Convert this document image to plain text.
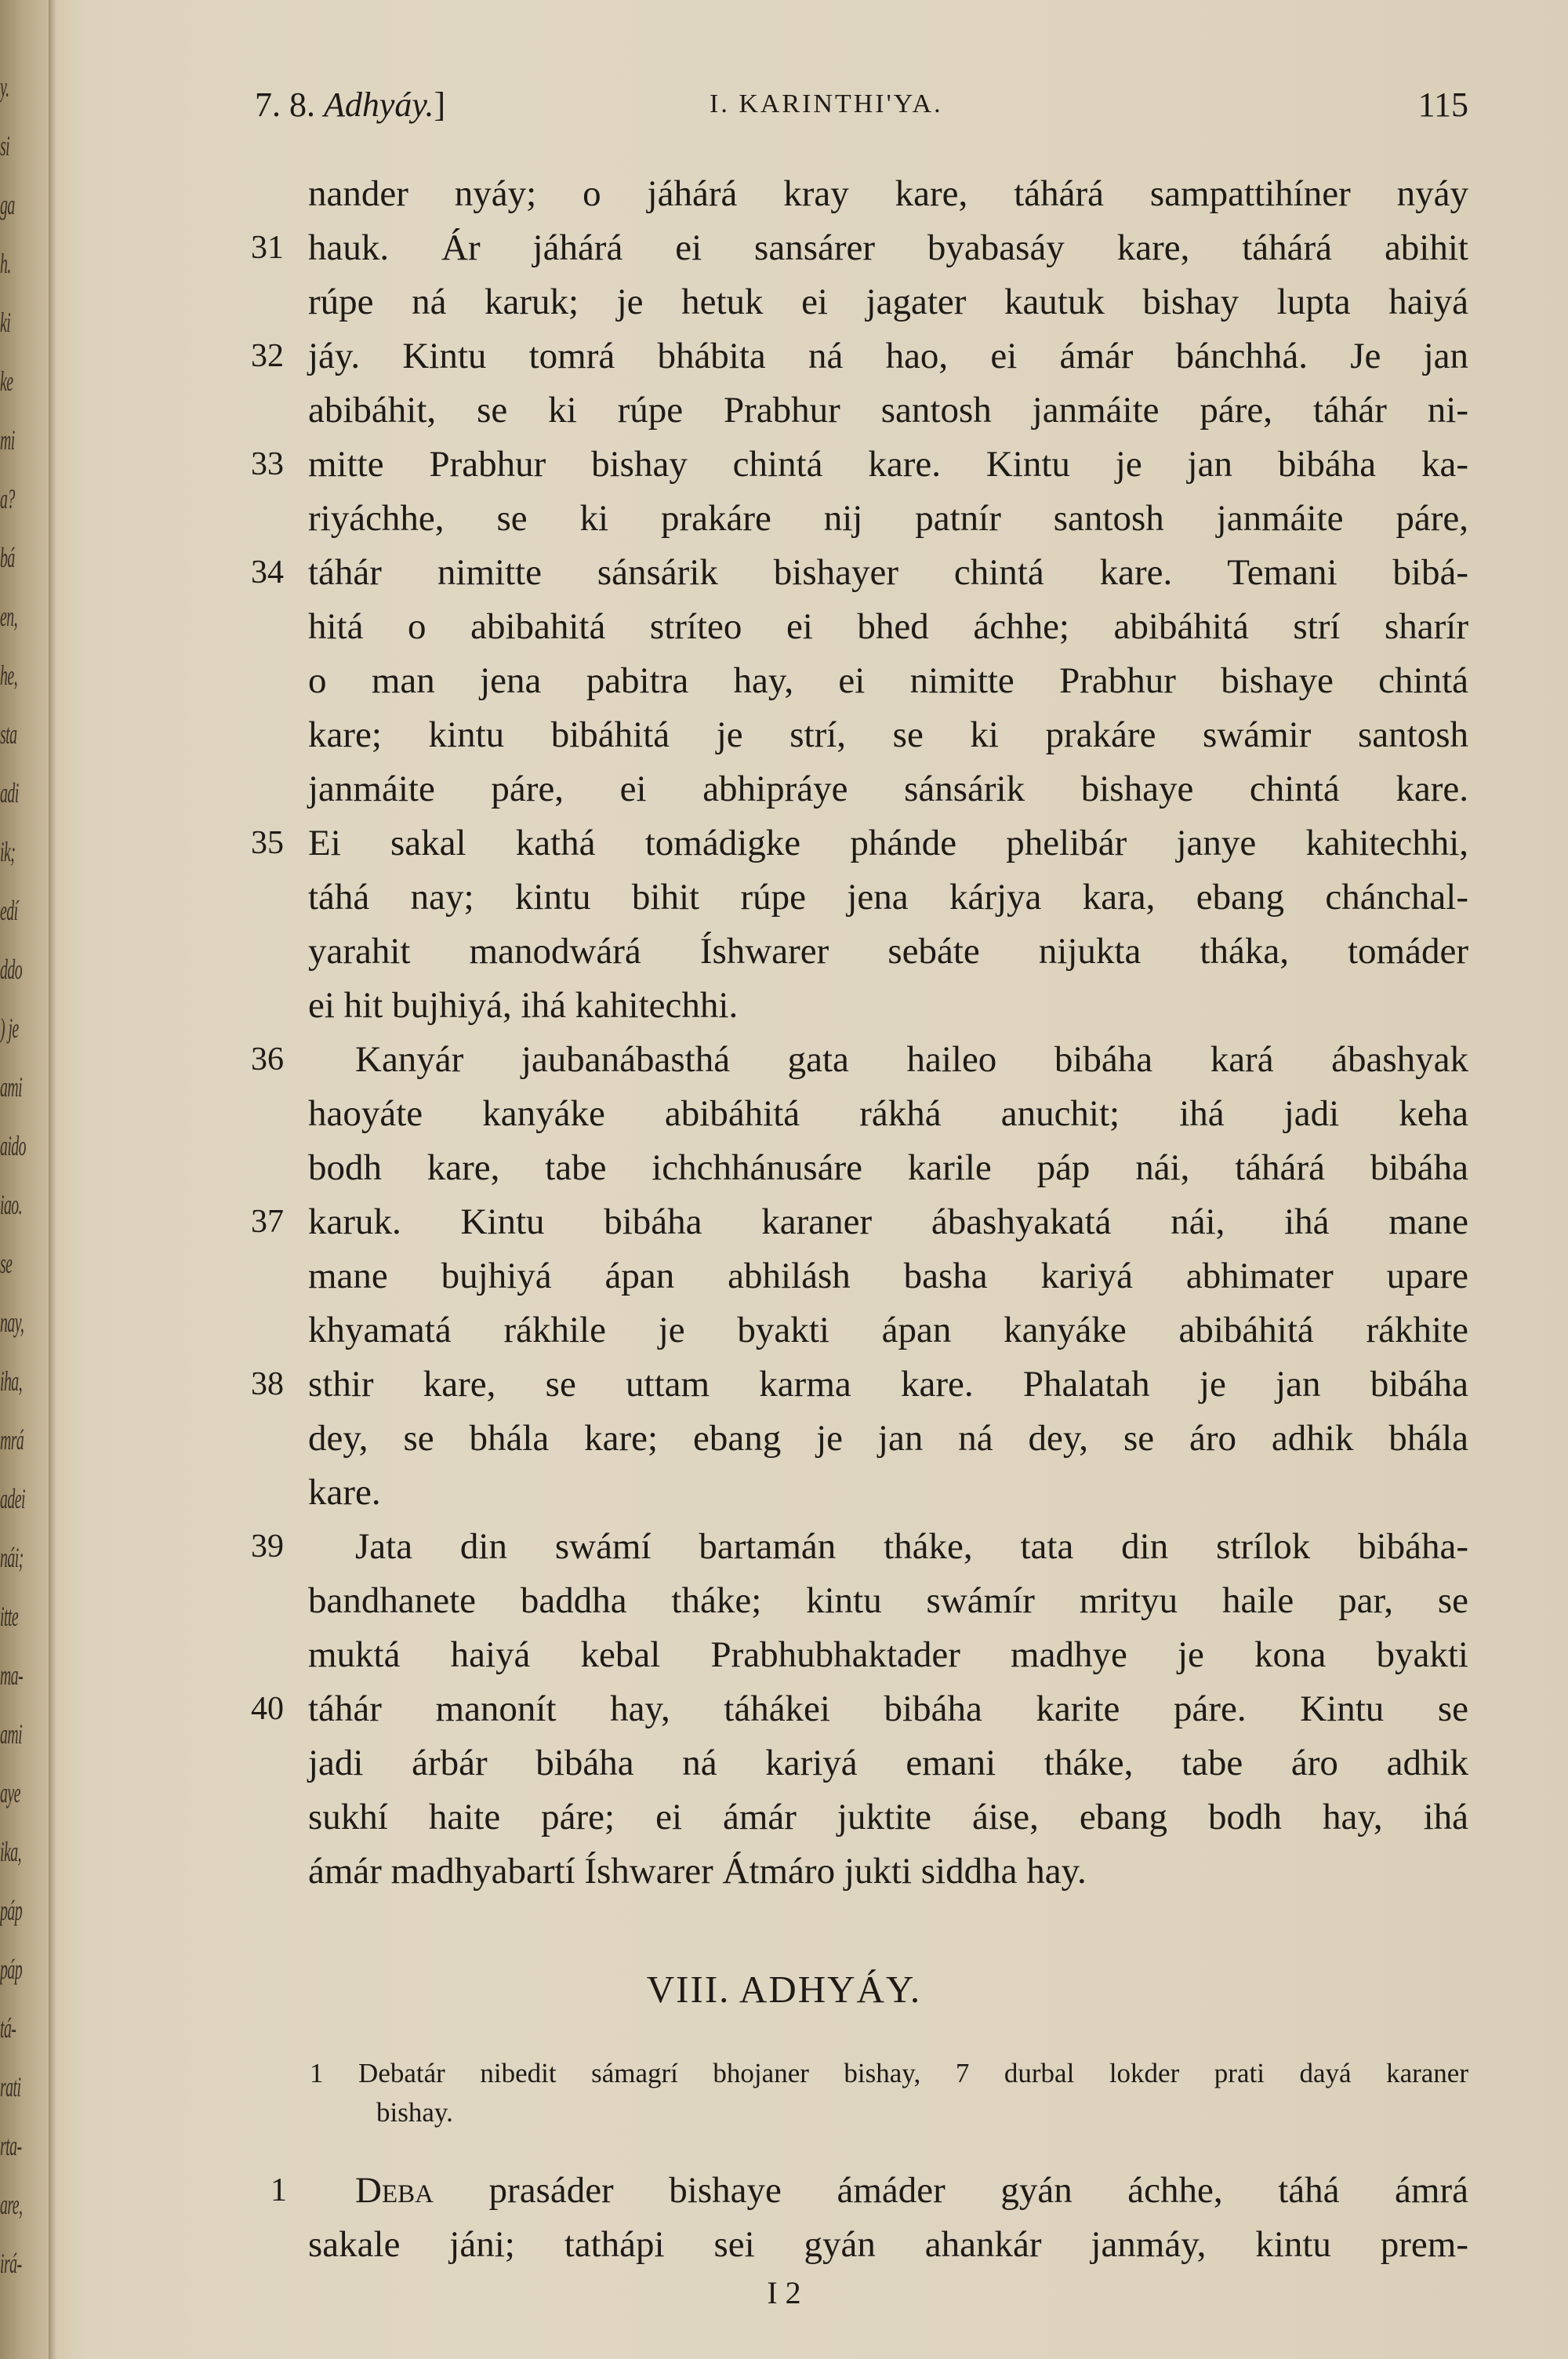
y.
si
ga
h.
ki
ke
mi
a?
bá
en,
he,
sta
adi
ik;
edí
ddo
) je
ami
aido
iao.
se
nay,
iha,
mrá
adei
nái;
itte
ma-
ami
aye
ika,
páp
páp
tá-
rati
rta-
are,
irá-
7. 8. Adhyáy.]	I. KARINTHI'YA.	115
nander nyáy; o jáhárá kray kare, táhárá sampattihíner nyáy
31 hauk. Ár jáhárá ei sansárer byabasáy kare, táhárá abihit
rúpe ná karuk; je hetuk ei jagater kautuk bishay lupta haiyá
32 jáy. Kintu tomrá bhábita ná hao, ei ámár bánchhá. Je jan
abibáhit, se ki rúpe Prabhur santosh janmáite páre, táhár ni-
33 mitte Prabhur bishay chintá kare. Kintu je jan bibáha ka-
riyáchhe, se ki prakáre nij patnír santosh janmáite páre,
34 táhár nimitte sánsárik bishayer chintá kare. Temani bibá-
hitá o abibahitá stríteo ei bhed áchhe; abibáhitá strí sharír
o man jena pabitra hay, ei nimitte Prabhur bishaye chintá
kare; kintu bibáhitá je strí, se ki prakáre swámir santosh
janmáite páre, ei abhipráye sánsárik bishaye chintá kare.
35 Ei sakal kathá tomádigke phánde phelibár janye kahitechhi,
táhá nay; kintu bihit rúpe jena kárjya kara, ebang chánchal-
yarahit manodwárá Íshwarer sebáte nijukta tháka, tomáder
ei hit bujhiyá, ihá kahitechhi.
36	Kanyár jaubanábasthá gata haileo bibáha kará ábashyak
haoyáte kanyáke abibáhitá rákhá anuchit; ihá jadi keha
bodh kare, tabe ichchhánusáre karile páp nái, táhárá bibáha
37 karuk. Kintu bibáha karaner ábashyakatá nái, ihá mane
mane bujhiyá ápan abhilásh basha kariyá abhimater upare
khyamatá rákhile je byakti ápan kanyáke abibáhitá rákhite
38 sthir kare, se uttam karma kare. Phalatah je jan bibáha
dey, se bhála kare; ebang je jan ná dey, se áro adhik bhála
kare.
39	Jata din swámí bartamán tháke, tata din strílok bibáha-
bandhanete baddha tháke; kintu swámír mrityu haile par, se
muktá haiyá kebal Prabhubhaktader madhye je kona byakti
40 táhár manonít hay, táhákei bibáha karite páre. Kintu se
jadi árbár bibáha ná kariyá emani tháke, tabe áro adhik
sukhí haite páre; ei ámár juktite áise, ebang bodh hay, ihá
ámár madhyabartí Íshwarer Átmáro jukti siddha hay.
VIII. ADHYÁY.
1 Debatár nibedit sámagrí bhojaner bishay, 7 durbal lokder prati dayá karaner
bishay.
1	Deba prasáder bishaye ámáder gyán áchhe, táhá ámrá
sakale jáni; tathápi sei gyán ahankár janmáy, kintu prem-
I 2
